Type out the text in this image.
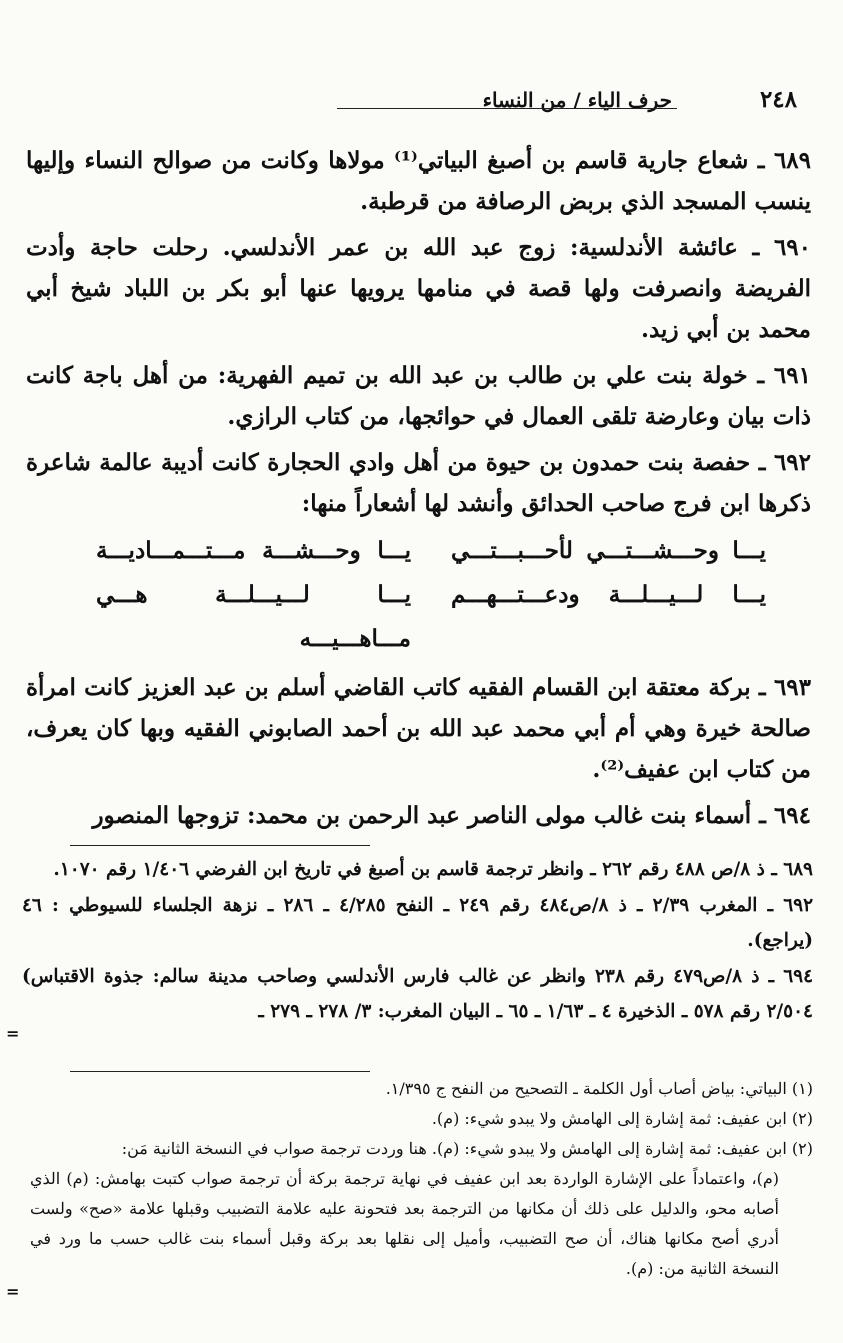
٢٤٨
حرف الياء / من النساء

٦٨٩ ـ شعاع جارية قاسم بن أصبغ البياتي⁽¹⁾ مولاها وكانت من صوالح النساء وإليها ينسب المسجد الذي بربض الرصافة من قرطبة.

٦٩٠ ـ عائشة الأندلسية: زوج عبد الله بن عمر الأندلسي. رحلت حاجة وأدت الفريضة وانصرفت ولها قصة في منامها يرويها عنها أبو بكر بن اللباد شيخ أبي محمد بن أبي زيد.

٦٩١ ـ خولة بنت علي بن طالب بن عبد الله بن تميم الفهرية: من أهل باجة كانت ذات بيان وعارضة تلقى العمال في حوائجها، من كتاب الرازي.

٦٩٢ ـ حفصة بنت حمدون بن حيوة من أهل وادي الحجارة كانت أديبة عالمة شاعرة ذكرها ابن فرج صاحب الحدائق وأنشد لها أشعاراً منها:

يـــا وحـــشـــتـــي لأحـــبـــتـــي
يـــا وحـــشـــة مـــتـــمـــاديـــة
يـــا لـــيـــلـــة ودعـــتـــهـــم
يـــا لـــيـــلـــة هـــي مـــاهـــيـــه

٦٩٣ ـ بركة معتقة ابن القسام الفقيه كاتب القاضي أسلم بن عبد العزيز كانت امرأة صالحة خيرة وهي أم أبي محمد عبد الله بن أحمد الصابوني الفقيه وبها كان يعرف، من كتاب ابن عفيف⁽²⁾.

٦٩٤ ـ أسماء بنت غالب مولى الناصر عبد الرحمن بن محمد: تزوجها المنصور

٦٨٩ ـ ذ ٨/ص ٤٨٨ رقم ٢٦٢ ـ وانظر ترجمة قاسم بن أصبغ في تاريخ ابن الفرضي ١/٤٠٦ رقم ١٠٧٠.

٦٩٢ ـ المغرب ٢/٣٩ ـ ذ ٨/ص٤٨٤ رقم ٢٤٩ ـ النفح ٤/٢٨٥ ـ ٢٨٦ ـ نزهة الجلساء للسيوطي : ٤٦ (يراجع).

٦٩٤ ـ ذ ٨/ص٤٧٩ رقم ٢٣٨ وانظر عن غالب فارس الأندلسي وصاحب مدينة سالم: جذوة الاقتباس) ٢/٥٠٤ رقم ٥٧٨ ـ الذخيرة ٤ ـ ١/٦٣ ـ ٦٥ ـ البيان المغرب: ٣/ ٢٧٨ ـ ٢٧٩ ـ

=

(١) البياتي: بياض أصاب أول الكلمة ـ التصحيح من النفح ج ١/٣٩٥.

(٢) ابن عفيف: ثمة إشارة إلى الهامش ولا يبدو شيء: (م).

(٢) ابن عفيف: ثمة إشارة إلى الهامش ولا يبدو شيء: (م). هنا وردت ترجمة صواب في النسخة الثانية مَن:

(م)، واعتماداً على الإشارة الواردة بعد ابن عفيف في نهاية ترجمة بركة أن ترجمة صواب كتبت بهامش: (م) الذي أصابه محو، والدليل على ذلك أن مكانها من الترجمة بعد فتحونة عليه علامة التضبيب وقبلها علامة «صح» ولست أدري أصح مكانها هناك، أن صح التضبيب، وأميل إلى نقلها بعد بركة وقبل أسماء بنت غالب حسب ما ورد في النسخة الثانية من: (م).

=
